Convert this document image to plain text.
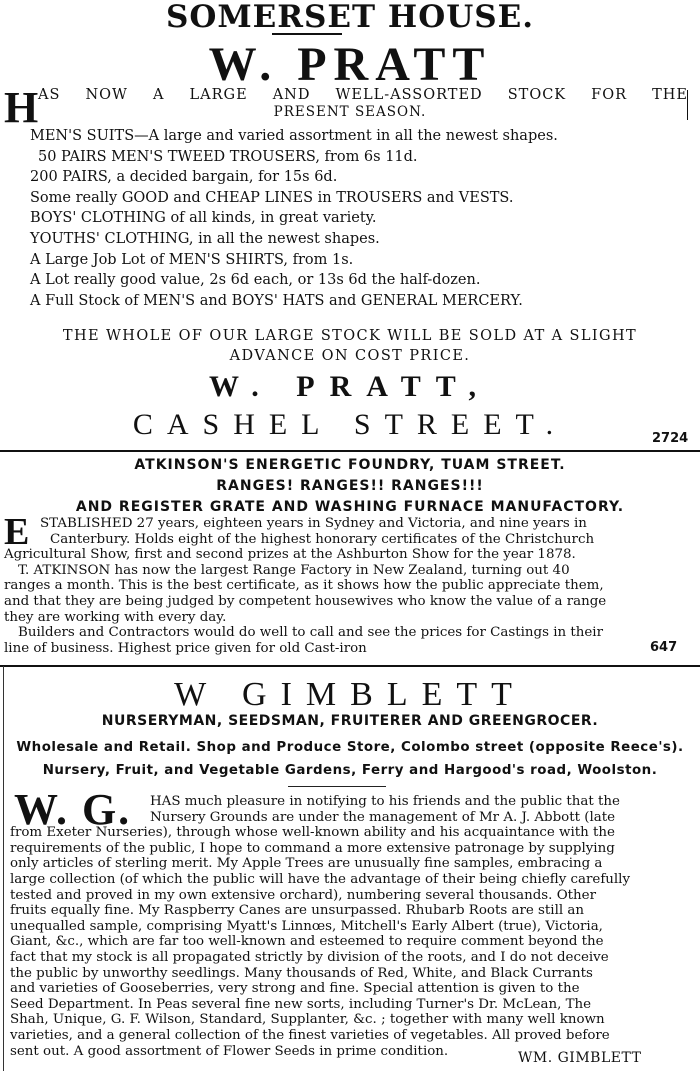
SOMERSET HOUSE.
W. PRATT
H AS NOW A LARGE AND WELL-ASSORTED STOCK FOR THE
PRESENT SEASON.
MEN'S SUITS—A large and varied assortment in all the newest shapes.
50 PAIRS MEN'S TWEED TROUSERS, from 6s 11d.
200 PAIRS, a decided bargain, for 15s 6d.
Some really GOOD and CHEAP LINES in TROUSERS and VESTS.
BOYS' CLOTHING of all kinds, in great variety.
YOUTHS' CLOTHING, in all the newest shapes.
A Large Job Lot of MEN'S SHIRTS, from 1s.
A Lot really good value, 2s 6d each, or 13s 6d the half-dozen.
A Full Stock of MEN'S and BOYS' HATS and GENERAL MERCERY.
THE WHOLE OF OUR LARGE STOCK WILL BE SOLD AT A SLIGHT
ADVANCE ON COST PRICE.
W. PRATT,
CASHEL STREET.	2724
ATKINSON'S ENERGETIC FOUNDRY, TUAM STREET.
RANGES! RANGES!! RANGES!!!
AND REGISTER GRATE AND WASHING FURNACE MANUFACTORY.
E STABLISHED 27 years, eighteen years in Sydney and Victoria, and nine years in

Canterbury. Holds eight of the highest honorary certificates of the Christchurch

Agricultural Show, first and second prizes at the Ashburton Show for the year 1878.

T. ATKINSON has now the largest Range Factory in New Zealand, turning out 40

ranges a month. This is the best certificate, as it shows how the public appreciate them,

and that they are being judged by competent housewives who know the value of a range

they are working with every day.

Builders and Contractors would do well to call and see the prices for Castings in their

line of business. Highest price given for old Cast-iron	647
W GIMBLETT
NURSERYMAN, SEEDSMAN, FRUITERER AND GREENGROCER.
Wholesale and Retail. Shop and Produce Store, Colombo street (opposite Reece's).
Nursery, Fruit, and Vegetable Gardens, Ferry and Hargood's road, Woolston.
W. G.	HAS much pleasure in notifying to his friends and the public that the

Nursery Grounds are under the management of Mr A. J. Abbott (late

from Exeter Nurseries), through whose well-known ability and his acquaintance with the

requirements of the public, I hope to command a more extensive patronage by supplying

only articles of sterling merit. My Apple Trees are unusually fine samples, embracing a

large collection (of which the public will have the advantage of their being chiefly carefully

tested and proved in my own extensive orchard), numbering several thousands. Other

fruits equally fine. My Raspberry Canes are unsurpassed. Rhubarb Roots are still an

unequalled sample, comprising Myatt's Linnœs, Mitchell's Early Albert (true), Victoria,

Giant, &c., which are far too well-known and esteemed to require comment beyond the

fact that my stock is all propagated strictly by division of the roots, and I do not deceive

the public by unworthy seedlings. Many thousands of Red, White, and Black Currants

and varieties of Gooseberries, very strong and fine. Special attention is given to the

Seed Department. In Peas several fine new sorts, including Turner's Dr. McLean, The

Shah, Unique, G. F. Wilson, Standard, Supplanter, &c. ; together with many well known

varieties, and a general collection of the finest varieties of vegetables. All proved before

sent out. A good assortment of Flower Seeds in prime condition.	WM. GIMBLETT
